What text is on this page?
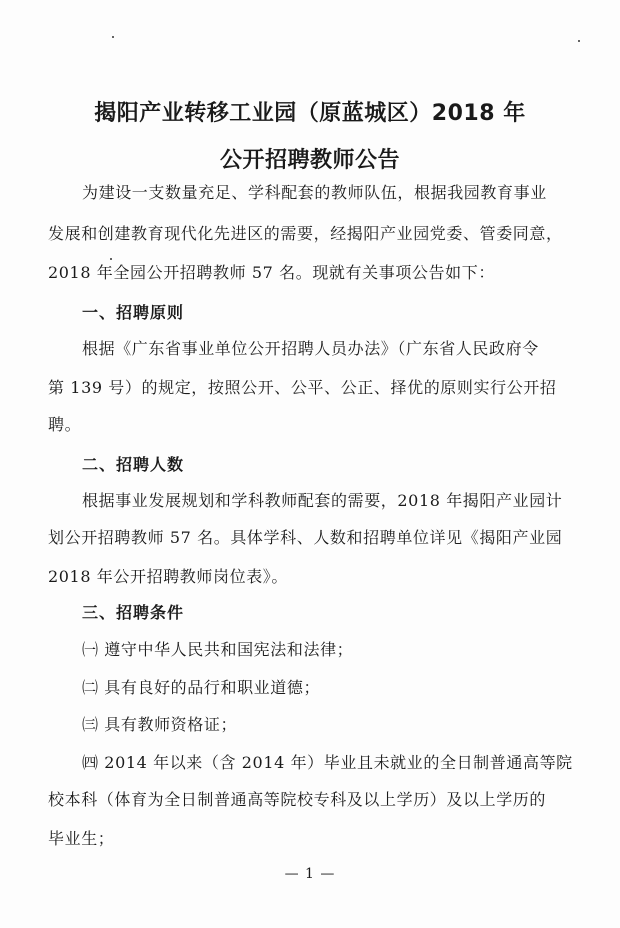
揭阳产业转移工业园（原蓝城区）2018 年
公开招聘教师公告
为建设一支数量充足、学科配套的教师队伍，根据我园教育事业
发展和创建教育现代化先进区的需要，经揭阳产业园党委、管委同意，
2018 年全园公开招聘教师 57 名。现就有关事项公告如下：
一、招聘原则
根据《广东省事业单位公开招聘人员办法》（广东省人民政府令
第 139 号）的规定，按照公开、公平、公正、择优的原则实行公开招
聘。
二、招聘人数
根据事业发展规划和学科教师配套的需要，2018 年揭阳产业园计
划公开招聘教师 57 名。具体学科、人数和招聘单位详见《揭阳产业园
2018 年公开招聘教师岗位表》。
三、招聘条件
㈠ 遵守中华人民共和国宪法和法律；
㈡ 具有良好的品行和职业道德；
㈢ 具有教师资格证；
㈣ 2014 年以来（含 2014 年）毕业且未就业的全日制普通高等院
校本科（体育为全日制普通高等院校专科及以上学历）及以上学历的
毕业生；
— 1 —
